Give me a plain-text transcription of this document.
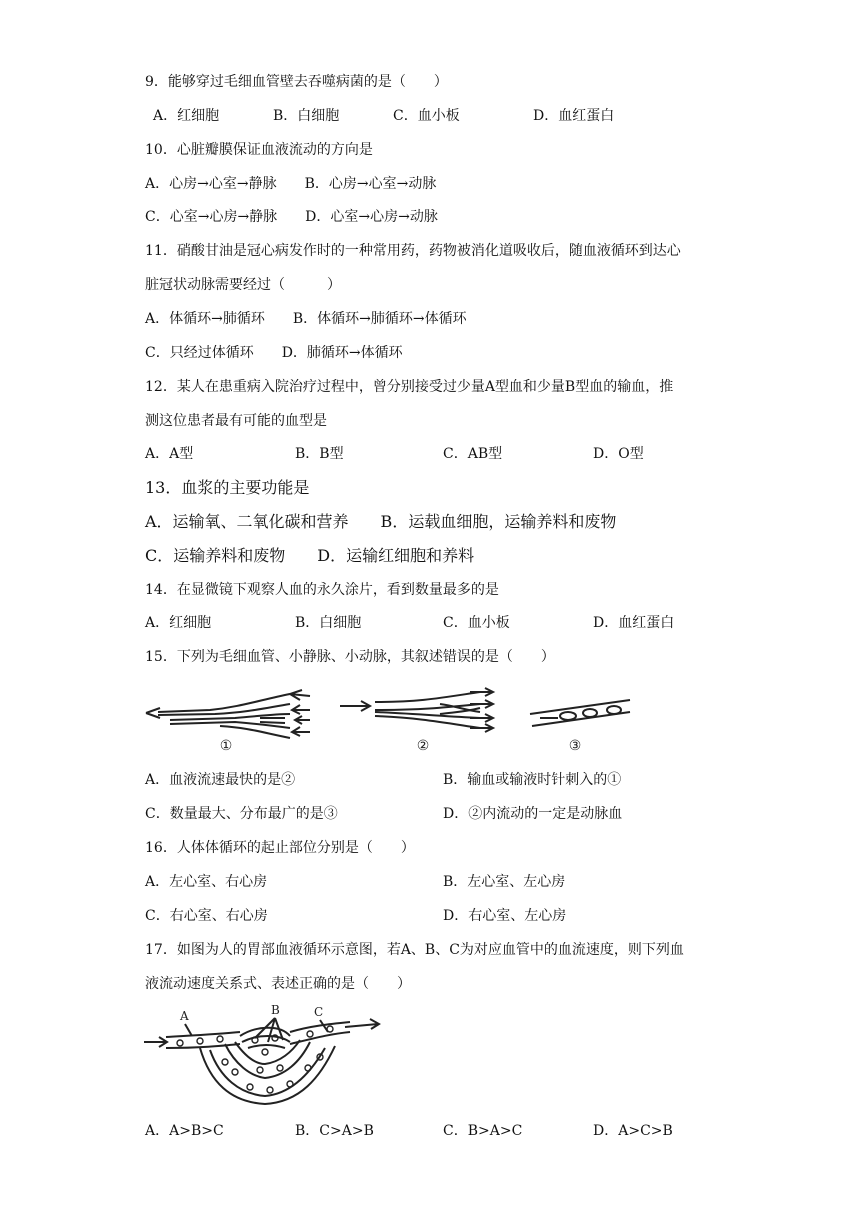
9．能够穿过毛细血管壁去吞噬病菌的是（　　）
A．红细胞	B．白细胞	C．血小板	D．血红蛋白
10．心脏瓣膜保证血液流动的方向是
A．心房→心室→静脉　　B．心房→心室→动脉
C．心室→心房→静脉　　D．心室→心房→动脉
11．硝酸甘油是冠心病发作时的一种常用药，药物被消化道吸收后，随血液循环到达心
脏冠状动脉需要经过（　　　）
A．体循环→肺循环　　B．体循环→肺循环→体循环
C．只经过体循环　　D．肺循环→体循环
12．某人在患重病入院治疗过程中，曾分别接受过少量A型血和少量B型血的输血，推
测这位患者最有可能的血型是
A．A型	B．B型	C．AB型	D．O型
13．血浆的主要功能是
A．运输氧、二氧化碳和营养　　B．运载血细胞，运输养料和废物
C．运输养料和废物　　D．运输红细胞和养料
14．在显微镜下观察人血的永久涂片，看到数量最多的是
A．红细胞	B．白细胞	C．血小板	D．血红蛋白
15．下列为毛细血管、小静脉、小动脉，其叙述错误的是（　　）
①	②	③
A．血液流速最快的是②	B．输血或输液时针刺入的①
C．数量最大、分布最广的是③	D．②内流动的一定是动脉血
16．人体体循环的起止部位分别是（　　）
A．左心室、右心房	B．左心室、左心房
C．右心室、右心房	D．右心室、左心房
17．如图为人的胃部血液循环示意图，若A、B、C为对应血管中的血流速度，则下列血
液流动速度关系式、表述正确的是（　　）
A	B	C
A．A>B>C	B．C>A>B	C．B>A>C	D．A>C>B
